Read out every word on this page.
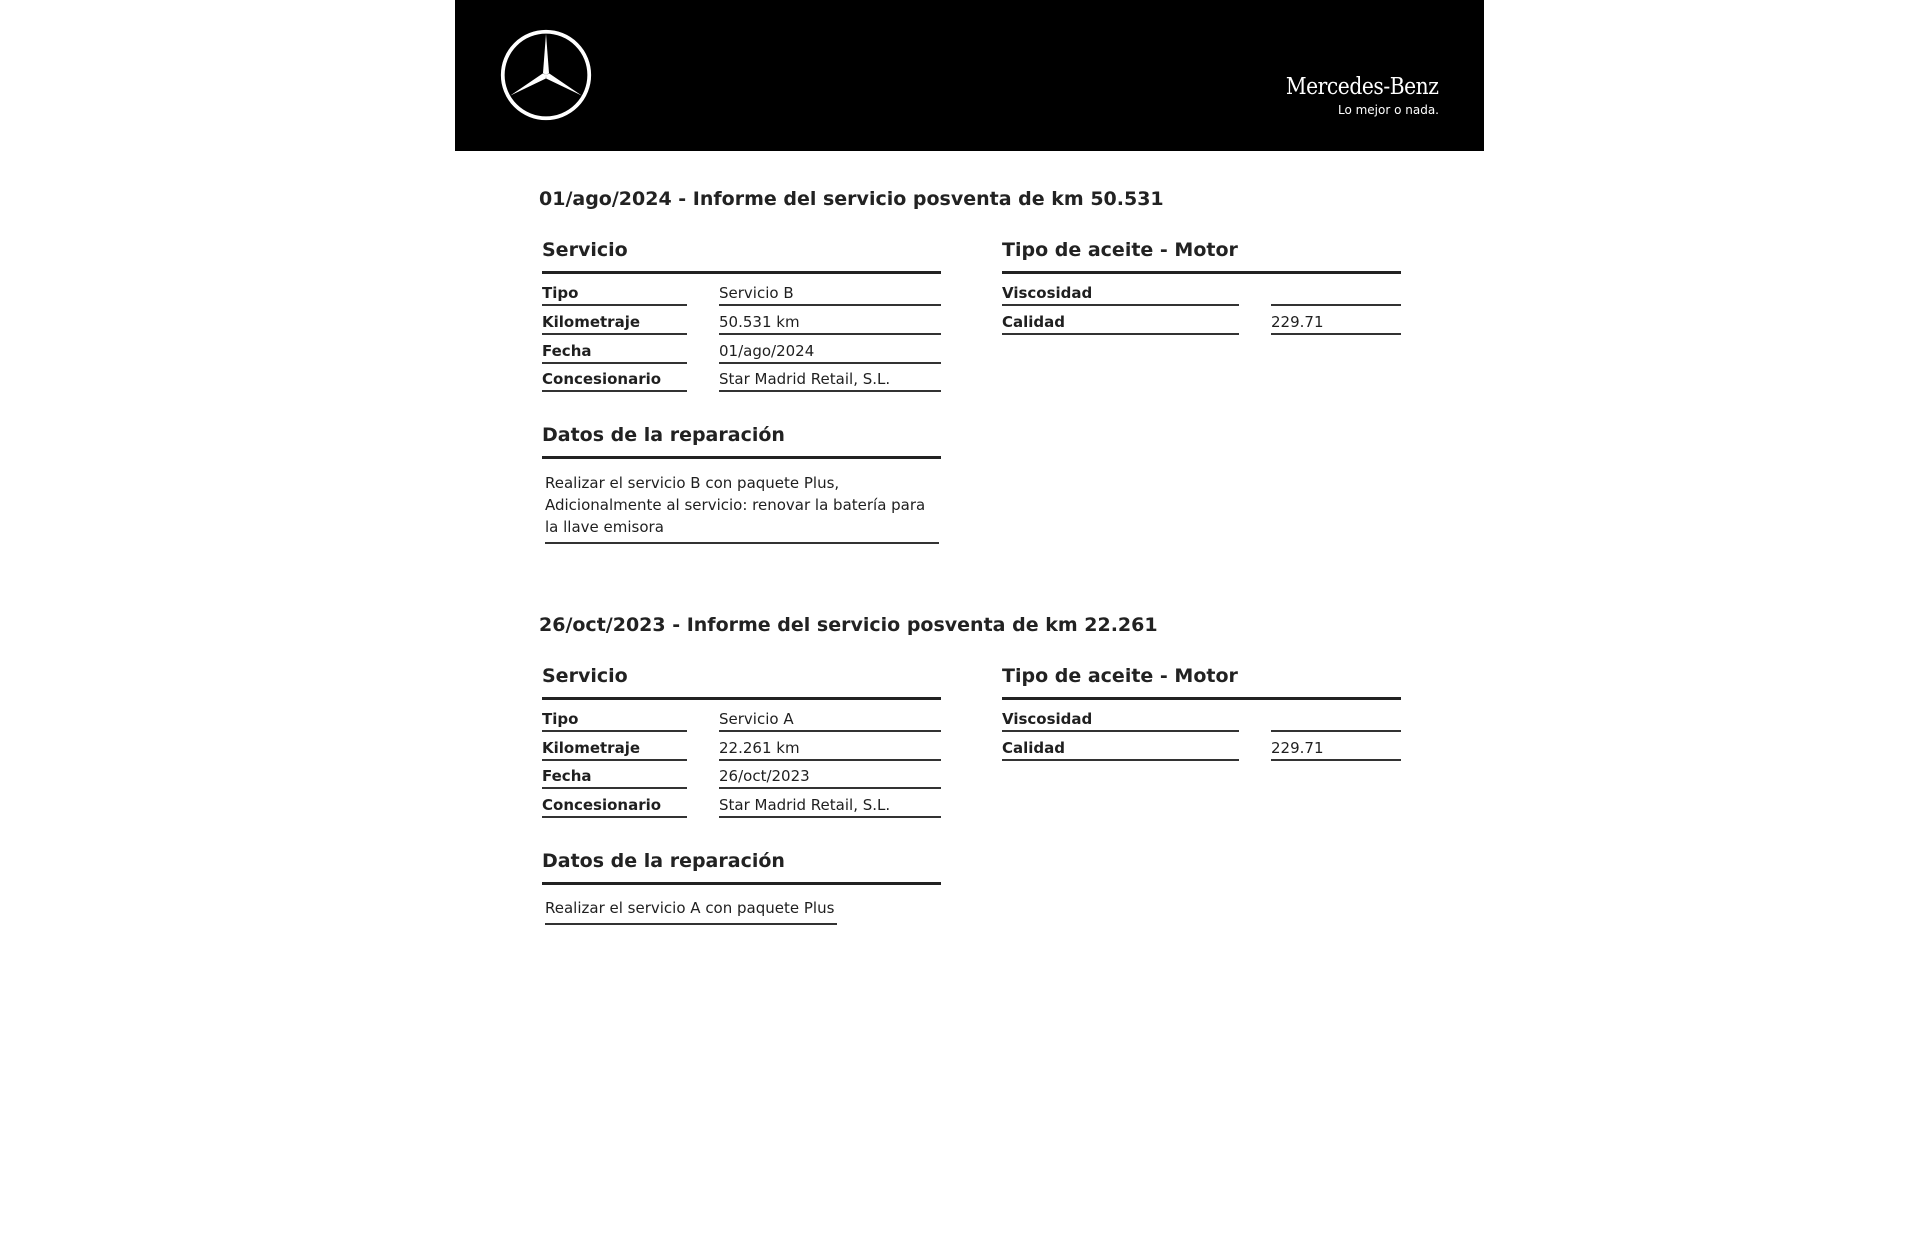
Mercedes-Benz
Lo mejor o nada.
01/ago/2024 - Informe del servicio posventa de km 50.531
Servicio
Tipo	Servicio B
Kilometraje	50.531 km
Fecha	01/ago/2024
Concesionario	Star Madrid Retail, S.L.
Tipo de aceite - Motor
Viscosidad
Calidad	229.71
Datos de la reparación
Realizar el servicio B con paquete Plus,
Adicionalmente al servicio: renovar la batería para
la llave emisora
26/oct/2023 - Informe del servicio posventa de km 22.261
Servicio
Tipo	Servicio A
Kilometraje	22.261 km
Fecha	26/oct/2023
Concesionario	Star Madrid Retail, S.L.
Tipo de aceite - Motor
Viscosidad
Calidad	229.71
Datos de la reparación
Realizar el servicio A con paquete Plus
